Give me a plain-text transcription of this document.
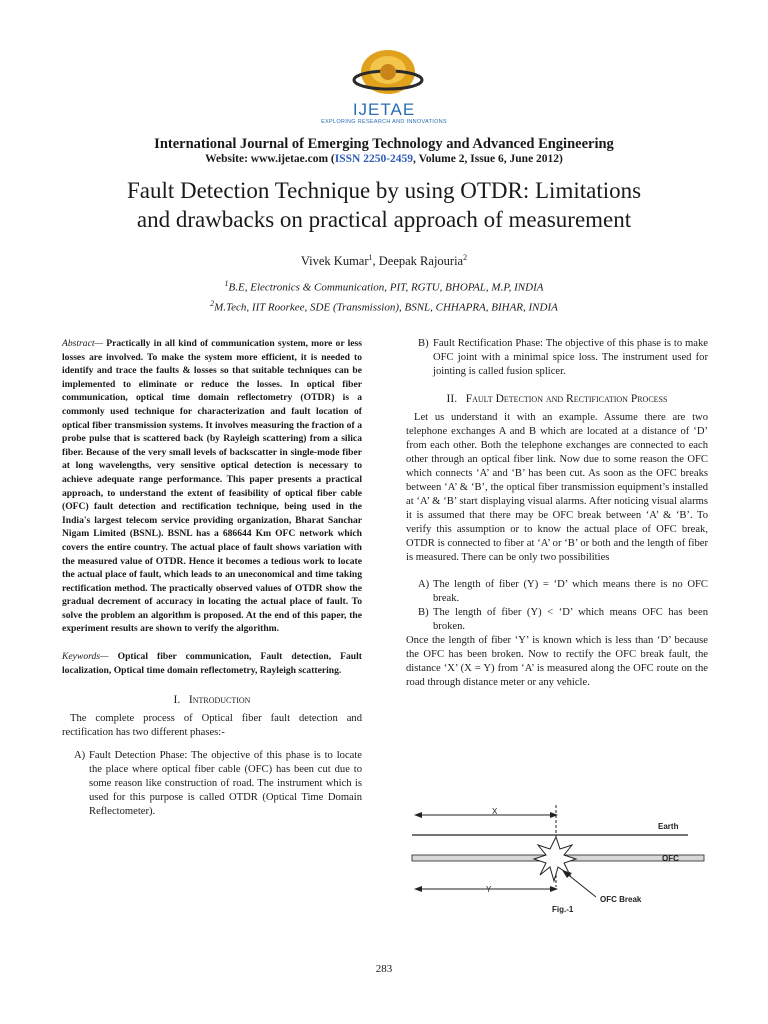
IJETAE
EXPLORING RESEARCH AND INNOVATIONS
International Journal of Emerging Technology and Advanced Engineering
Website: www.ijetae.com (ISSN 2250-2459, Volume 2, Issue 6, June 2012)
Fault Detection Technique by using OTDR: Limitations
and drawbacks on practical approach of measurement
Vivek Kumar$^1$, Deepak Rajouria$^2$
$^1$B.E, Electronics & Communication, PIT, RGTU, BHOPAL, M.P, INDIA
$^2$M.Tech, IIT Roorkee, SDE (Transmission), BSNL, CHHAPRA, BIHAR, INDIA

Abstract— Practically in all kind of communication system, more or less losses are involved. To make the system more efficient, it is needed to identify and trace the faults & losses so that suitable techniques can be implemented to eliminate or reduce the losses. In optical fiber communication, optical time domain reflectometry (OTDR) is a commonly used technique for characterization and fault location of optical fiber transmission systems. It involves measuring the fraction of a probe pulse that is scattered back (by Rayleigh scattering) from a silica fiber. Because of the very small levels of backscatter in single-mode fiber at long wavelengths, very sensitive optical detection is necessary to achieve adequate range performance. This paper presents a practical approach, to understand the extent of feasibility of optical fiber cable (OFC) fault detection and rectification technique, being used in the India's largest telecom service providing organization, Bharat Sanchar Nigam Limited (BSNL). BSNL has a 686644 Km OFC network which covers the entire country. The actual place of fault shows variation with the measured value of OTDR. Hence it becomes a tedious work to locate the actual place of fault, which leads to an uneconomical and time taking rectification method. The practically observed values of OTDR show the gradual decrement of accuracy in locating the actual place of fault. To solve the problem an algorithm is proposed. At the end of this paper, the experiment results are shown to verify the algorithm.

Keywords— Optical fiber communication, Fault detection, Fault localization, Optical time domain reflectometry, Rayleigh scattering.

I. Introduction

The complete process of Optical fiber fault detection and rectification has two different phases:-

A) Fault Detection Phase: The objective of this phase is to locate the place where optical fiber cable (OFC) has been cut due to some reason like construction of road. The instrument which is used for this purpose is called OTDR (Optical Time Domain Reflectometer).
B) Fault Rectification Phase: The objective of this phase is to make OFC joint with a minimal spice loss. The instrument used for jointing is called fusion splicer.

II. Fault Detection and Rectification Process

Let us understand it with an example. Assume there are two telephone exchanges A and B which are located at a distance of ‘D’ from each other. Both the telephone exchanges are connected to each other through an optical fiber link. Now due to some reason the OFC which connects ‘A’ and ‘B’ has been cut. As soon as the OFC breaks between ‘A’ & ‘B’, the optical fiber transmission equipment’s installed at ‘A’ & ‘B’ start displaying visual alarms. After noticing visual alarms it is assumed that there may be OFC break between ‘A’ & ‘B’. To verify this assumption or to know the actual place of OFC break, OTDR is connected to fiber at ‘A’ or ‘B’ or both and the length of fiber is measured. There can be only two possibilities

A) The length of fiber (Y) = ‘D’ which means there is no OFC break.
B) The length of fiber (Y) < ‘D’ which means OFC has been broken.

Once the length of fiber ‘Y’ is known which is less than ‘D’ because the OFC has been broken. Now to rectify the OFC break fault, the distance ‘X’ (X = Y) from ‘A’ is measured along the OFC route on the road through distance meter or any vehicle.

X
Earth
OFC
Y
OFC Break
Fig.-1
283
